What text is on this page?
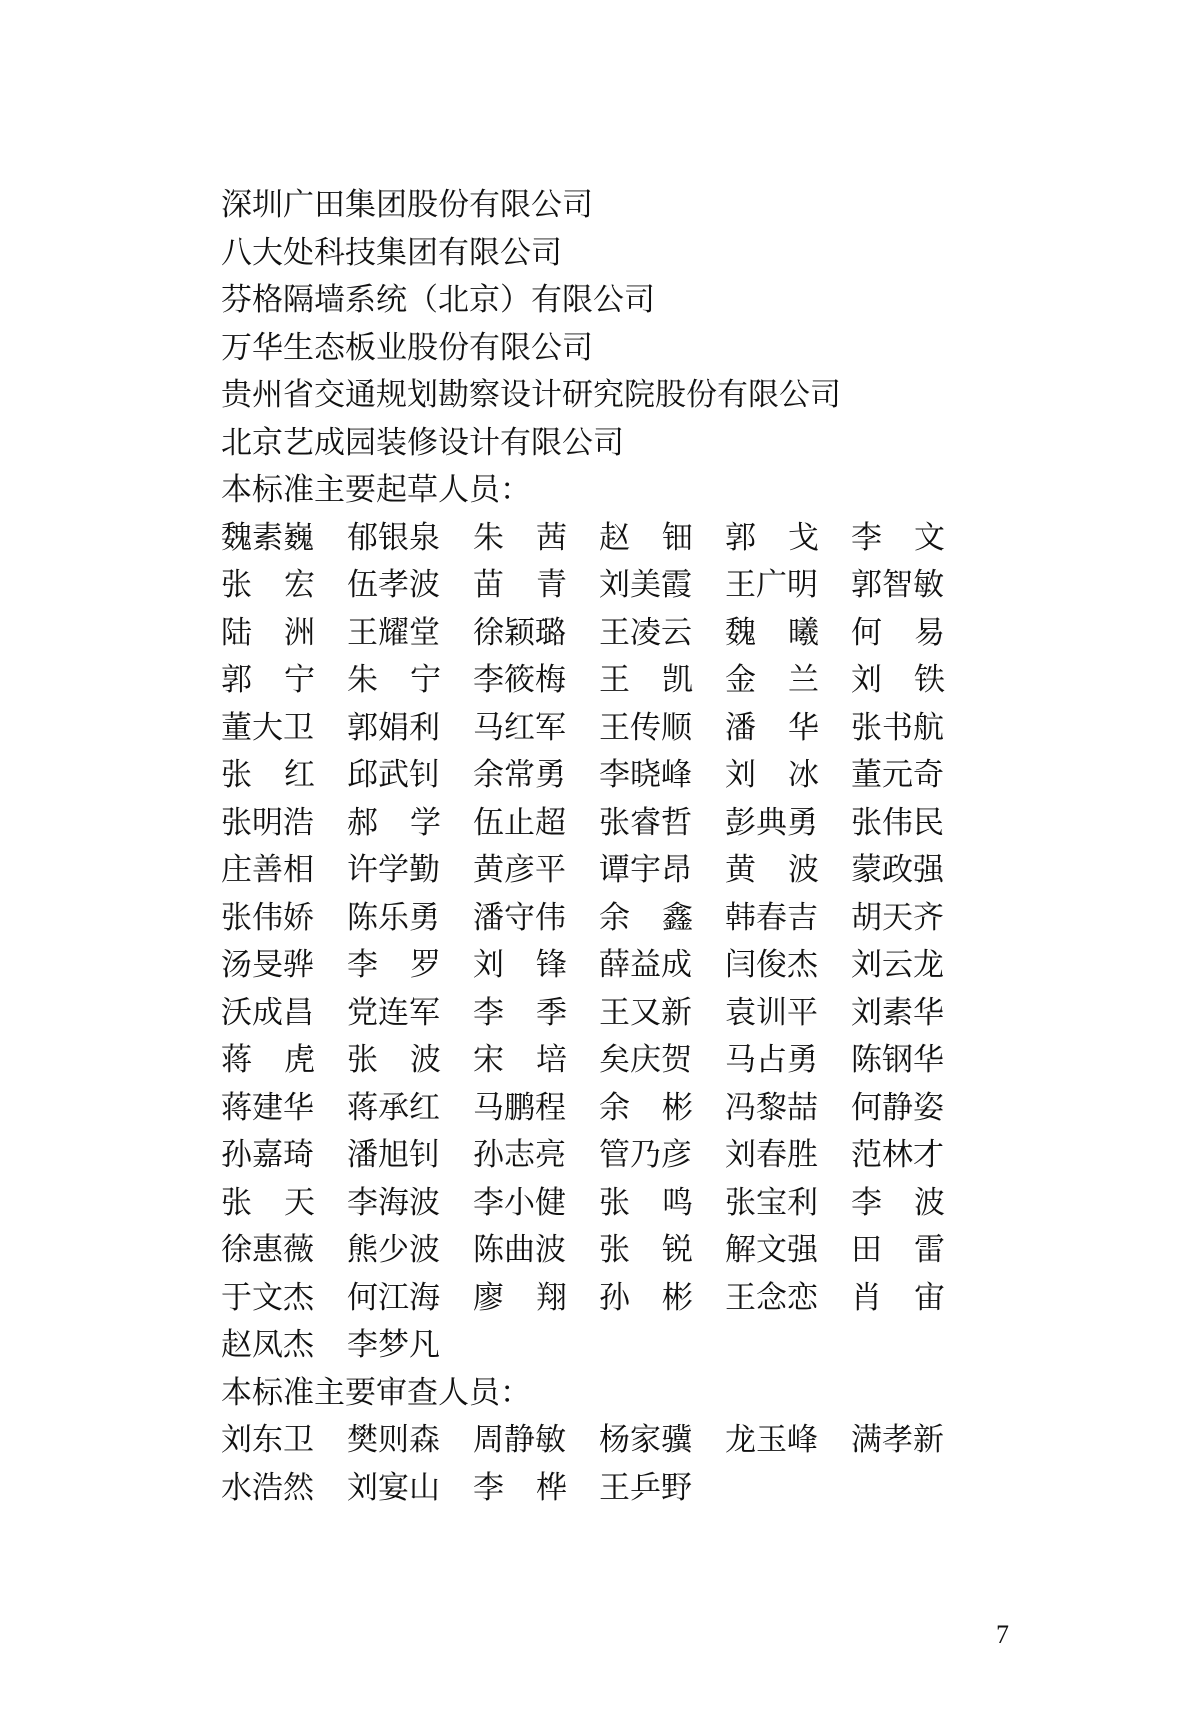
深圳广田集团股份有限公司
八大处科技集团有限公司
芬格隔墙系统（北京）有限公司
万华生态板业股份有限公司
贵州省交通规划勘察设计研究院股份有限公司
北京艺成园装修设计有限公司
本标准主要起草人员：
魏素巍 郁银泉 朱 茜 赵 钿 郭 戈 李 文
张 宏 伍孝波 苗 青 刘美霞 王广明 郭智敏
陆 洲 王耀堂 徐颖璐 王凌云 魏 曦 何 易
郭 宁 朱 宁 李筱梅 王 凯 金 兰 刘 铁
董大卫 郭娟利 马红军 王传顺 潘 华 张书航
张 红 邱武钊 余常勇 李晓峰 刘 冰 董元奇
张明浩 郝 学 伍止超 张睿哲 彭典勇 张伟民
庄善相 许学勤 黄彦平 谭宇昂 黄 波 蒙政强
张伟娇 陈乐勇 潘守伟 余 鑫 韩春吉 胡天齐
汤旻骅 李 罗 刘 锋 薛益成 闫俊杰 刘云龙
沃成昌 党连军 李 季 王又新 袁训平 刘素华
蒋 虎 张 波 宋 培 矣庆贺 马占勇 陈钢华
蒋建华 蒋承红 马鹏程 余 彬 冯黎喆 何静姿
孙嘉琦 潘旭钊 孙志亮 管乃彦 刘春胜 范林才
张 天 李海波 李小健 张 鸣 张宝利 李 波
徐惠薇 熊少波 陈曲波 张 锐 解文强 田 雷
于文杰 何江海 廖 翔 孙 彬 王念恋 肖 宙
赵凤杰 李梦凡
本标准主要审查人员：
刘东卫 樊则森 周静敏 杨家骥 龙玉峰 满孝新
水浩然 刘宴山 李 桦 王乒野
7
